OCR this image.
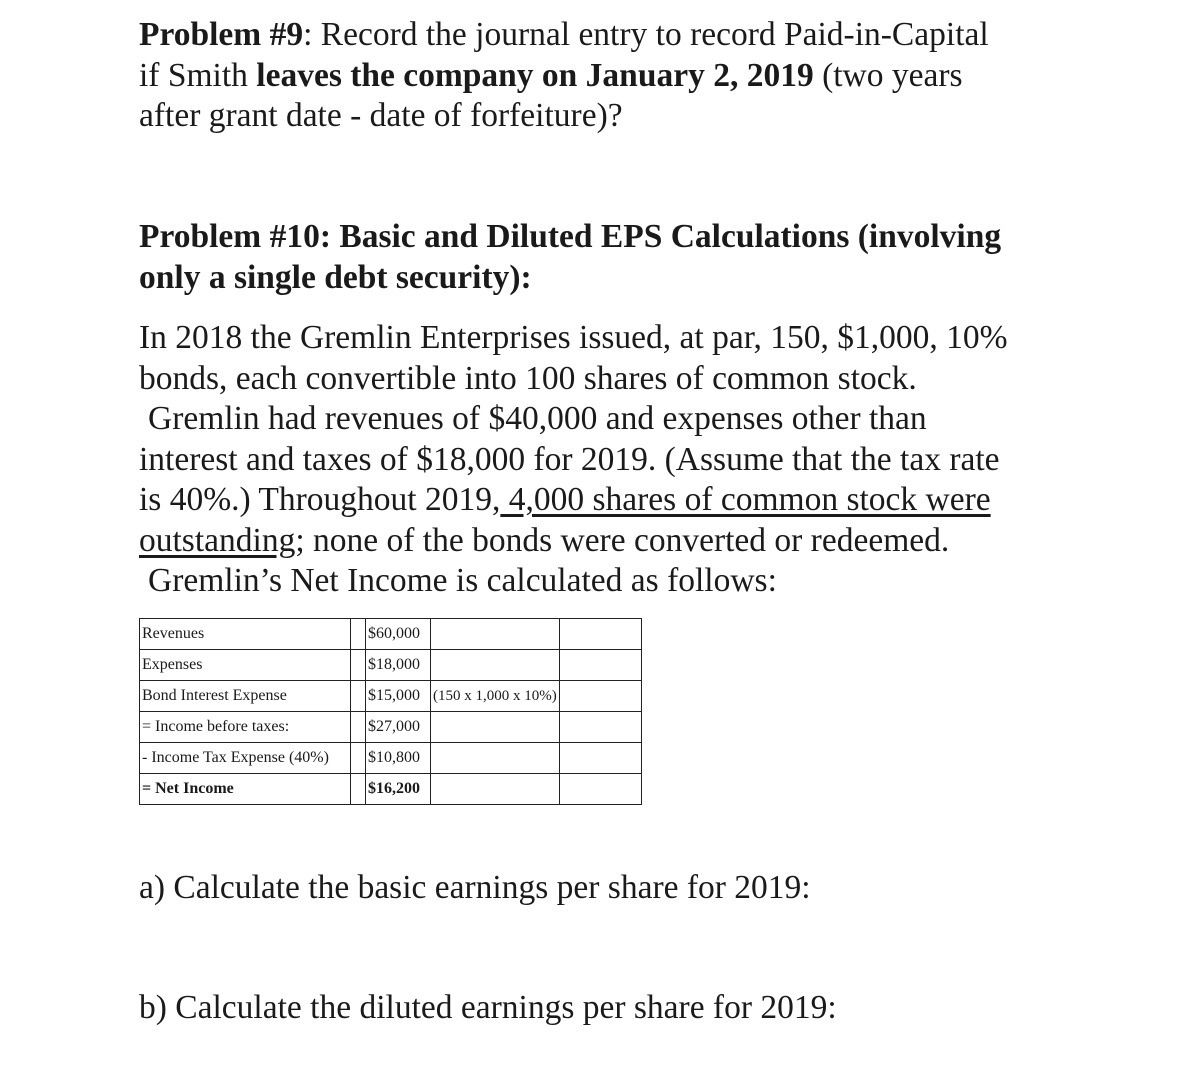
Problem #9: Record the journal entry to record Paid-in-Capital
if Smith leaves the company on January 2, 2019 (two years
after grant date - date of forfeiture)?

Problem #10: Basic and Diluted EPS Calculations (involving
only a single debt security):

In 2018 the Gremlin Enterprises issued, at par, 150, $1,000, 10%
bonds, each convertible into 100 shares of common stock.
Gremlin had revenues of $40,000 and expenses other than
interest and taxes of $18,000 for 2019. (Assume that the tax rate
is 40%.) Throughout 2019, 4,000 shares of common stock were
outstanding; none of the bonds were converted or redeemed.
Gremlin’s Net Income is calculated as follows:

Revenues		$60,000		
Expenses		$18,000		
Bond Interest Expense		$15,000	(150 x 1,000 x 10%)	
= Income before taxes:		$27,000		
- Income Tax Expense (40%)		$10,800		
= Net Income		$16,200		

a) Calculate the basic earnings per share for 2019:

b) Calculate the diluted earnings per share for 2019:
